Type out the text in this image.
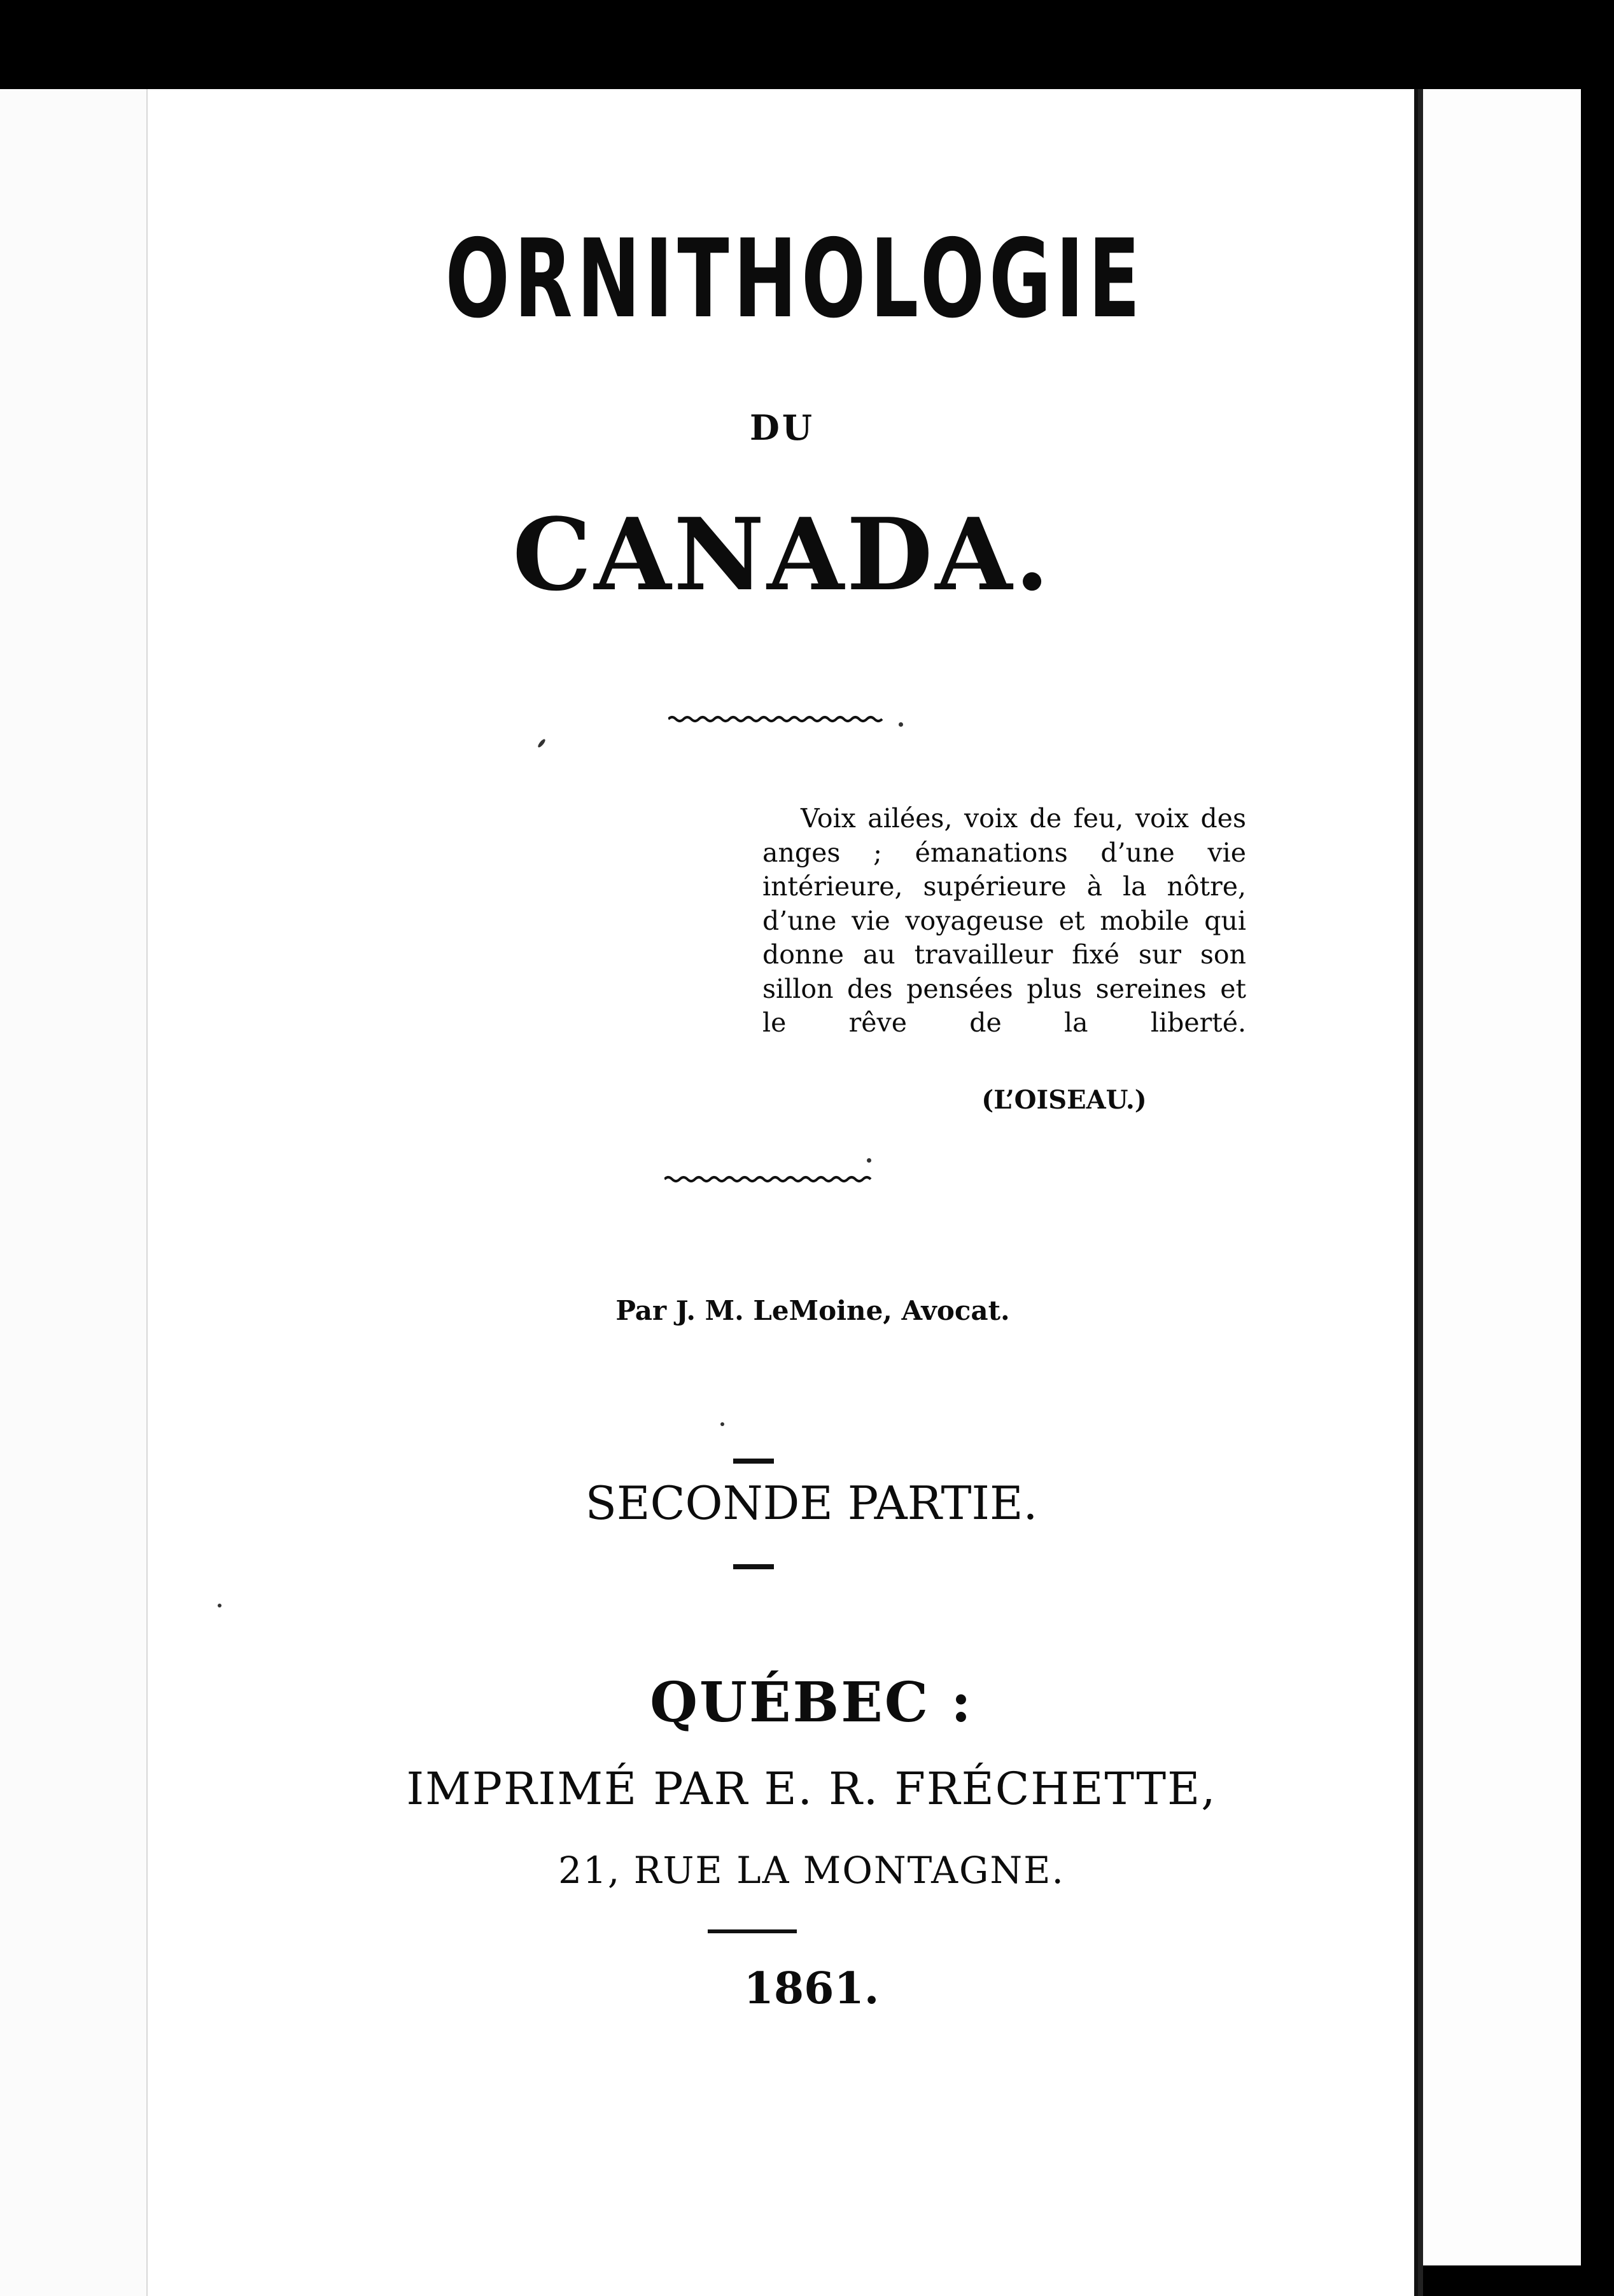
ORNITHOLOGIE
DU
CANADA.
Voix ailées, voix de feu, voix des anges ; émanations d’une vie intérieure, supérieure à la nôtre, d’une vie voyageuse et mobile qui donne au travailleur fixé sur son sillon des pensées plus sereines et le rêve de la liberté.
(L’OISEAU.)
Par J. M. LeMoine, Avocat.
SECONDE PARTIE.
QUÉBEC :
IMPRIMÉ PAR E. R. FRÉCHETTE,
21, RUE LA MONTAGNE.
1861.
